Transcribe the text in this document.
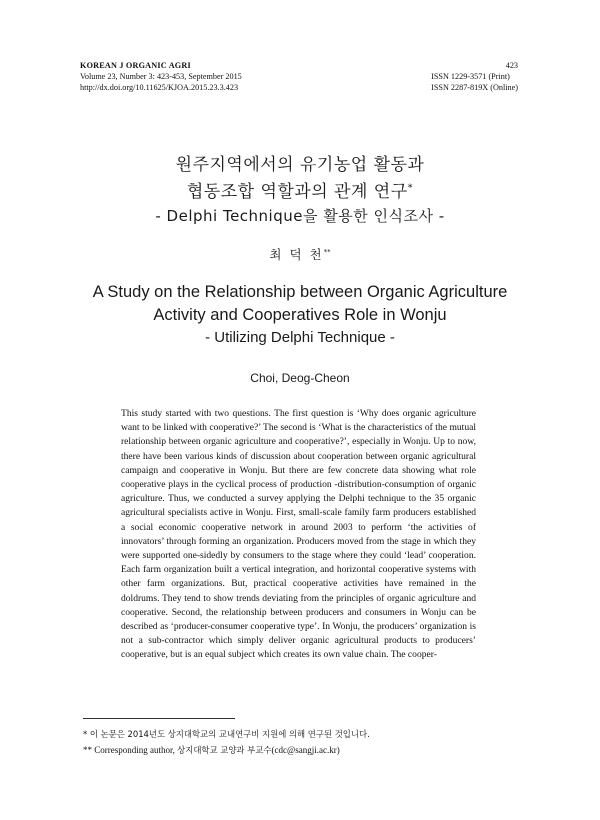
KOREAN J ORGANIC AGRI
Volume 23, Number 3: 423-453, September 2015
http://dx.doi.org/10.11625/KJOA.2015.23.3.423
423
ISSN 1229-3571 (Print)
ISSN 2287-819X (Online)
원주지역에서의 유기농업 활동과
협동조합 역할과의 관계 연구*
- Delphi Technique을 활용한 인식조사 -
최 덕 천**
A Study on the Relationship between Organic Agriculture
Activity and Cooperatives Role in Wonju
- Utilizing Delphi Technique -
Choi, Deog-Cheon
This study started with two questions. The first question is ‘Why does organic agriculture want to be linked with cooperative?’ The second is ‘What is the characteristics of the mutual relationship between organic agriculture and cooperative?’, especially in Wonju. Up to now, there have been various kinds of discussion about cooperation between organic agricultural campaign and cooperative in Wonju. But there are few concrete data showing what role cooperative plays in the cyclical process of production -distribution-consumption of organic agriculture. Thus, we conducted a survey applying the Delphi technique to the 35 organic agricultural specialists active in Wonju. First, small-scale family farm producers established a social economic cooperative network in around 2003 to perform ‘the activities of innovators’ through forming an organization. Producers moved from the stage in which they were supported one-sidedly by consumers to the stage where they could ‘lead’ cooperation. Each farm organization built a vertical integration, and horizontal cooperative systems with other farm organizations. But, practical cooperative activities have remained in the doldrums. They tend to show trends deviating from the principles of organic agriculture and cooperative. Second, the relationship between producers and consumers in Wonju can be described as ‘producer-consumer cooperative type’. In Wonju, the producers’ organization is not a sub-contractor which simply deliver organic agricultural products to producers’ cooperative, but is an equal subject which creates its own value chain. The cooper-
* 이 논문은 2014년도 상지대학교의 교내연구비 지원에 의해 연구된 것입니다.
** Corresponding author, 상지대학교 교양과 부교수(cdc@sangji.ac.kr)
